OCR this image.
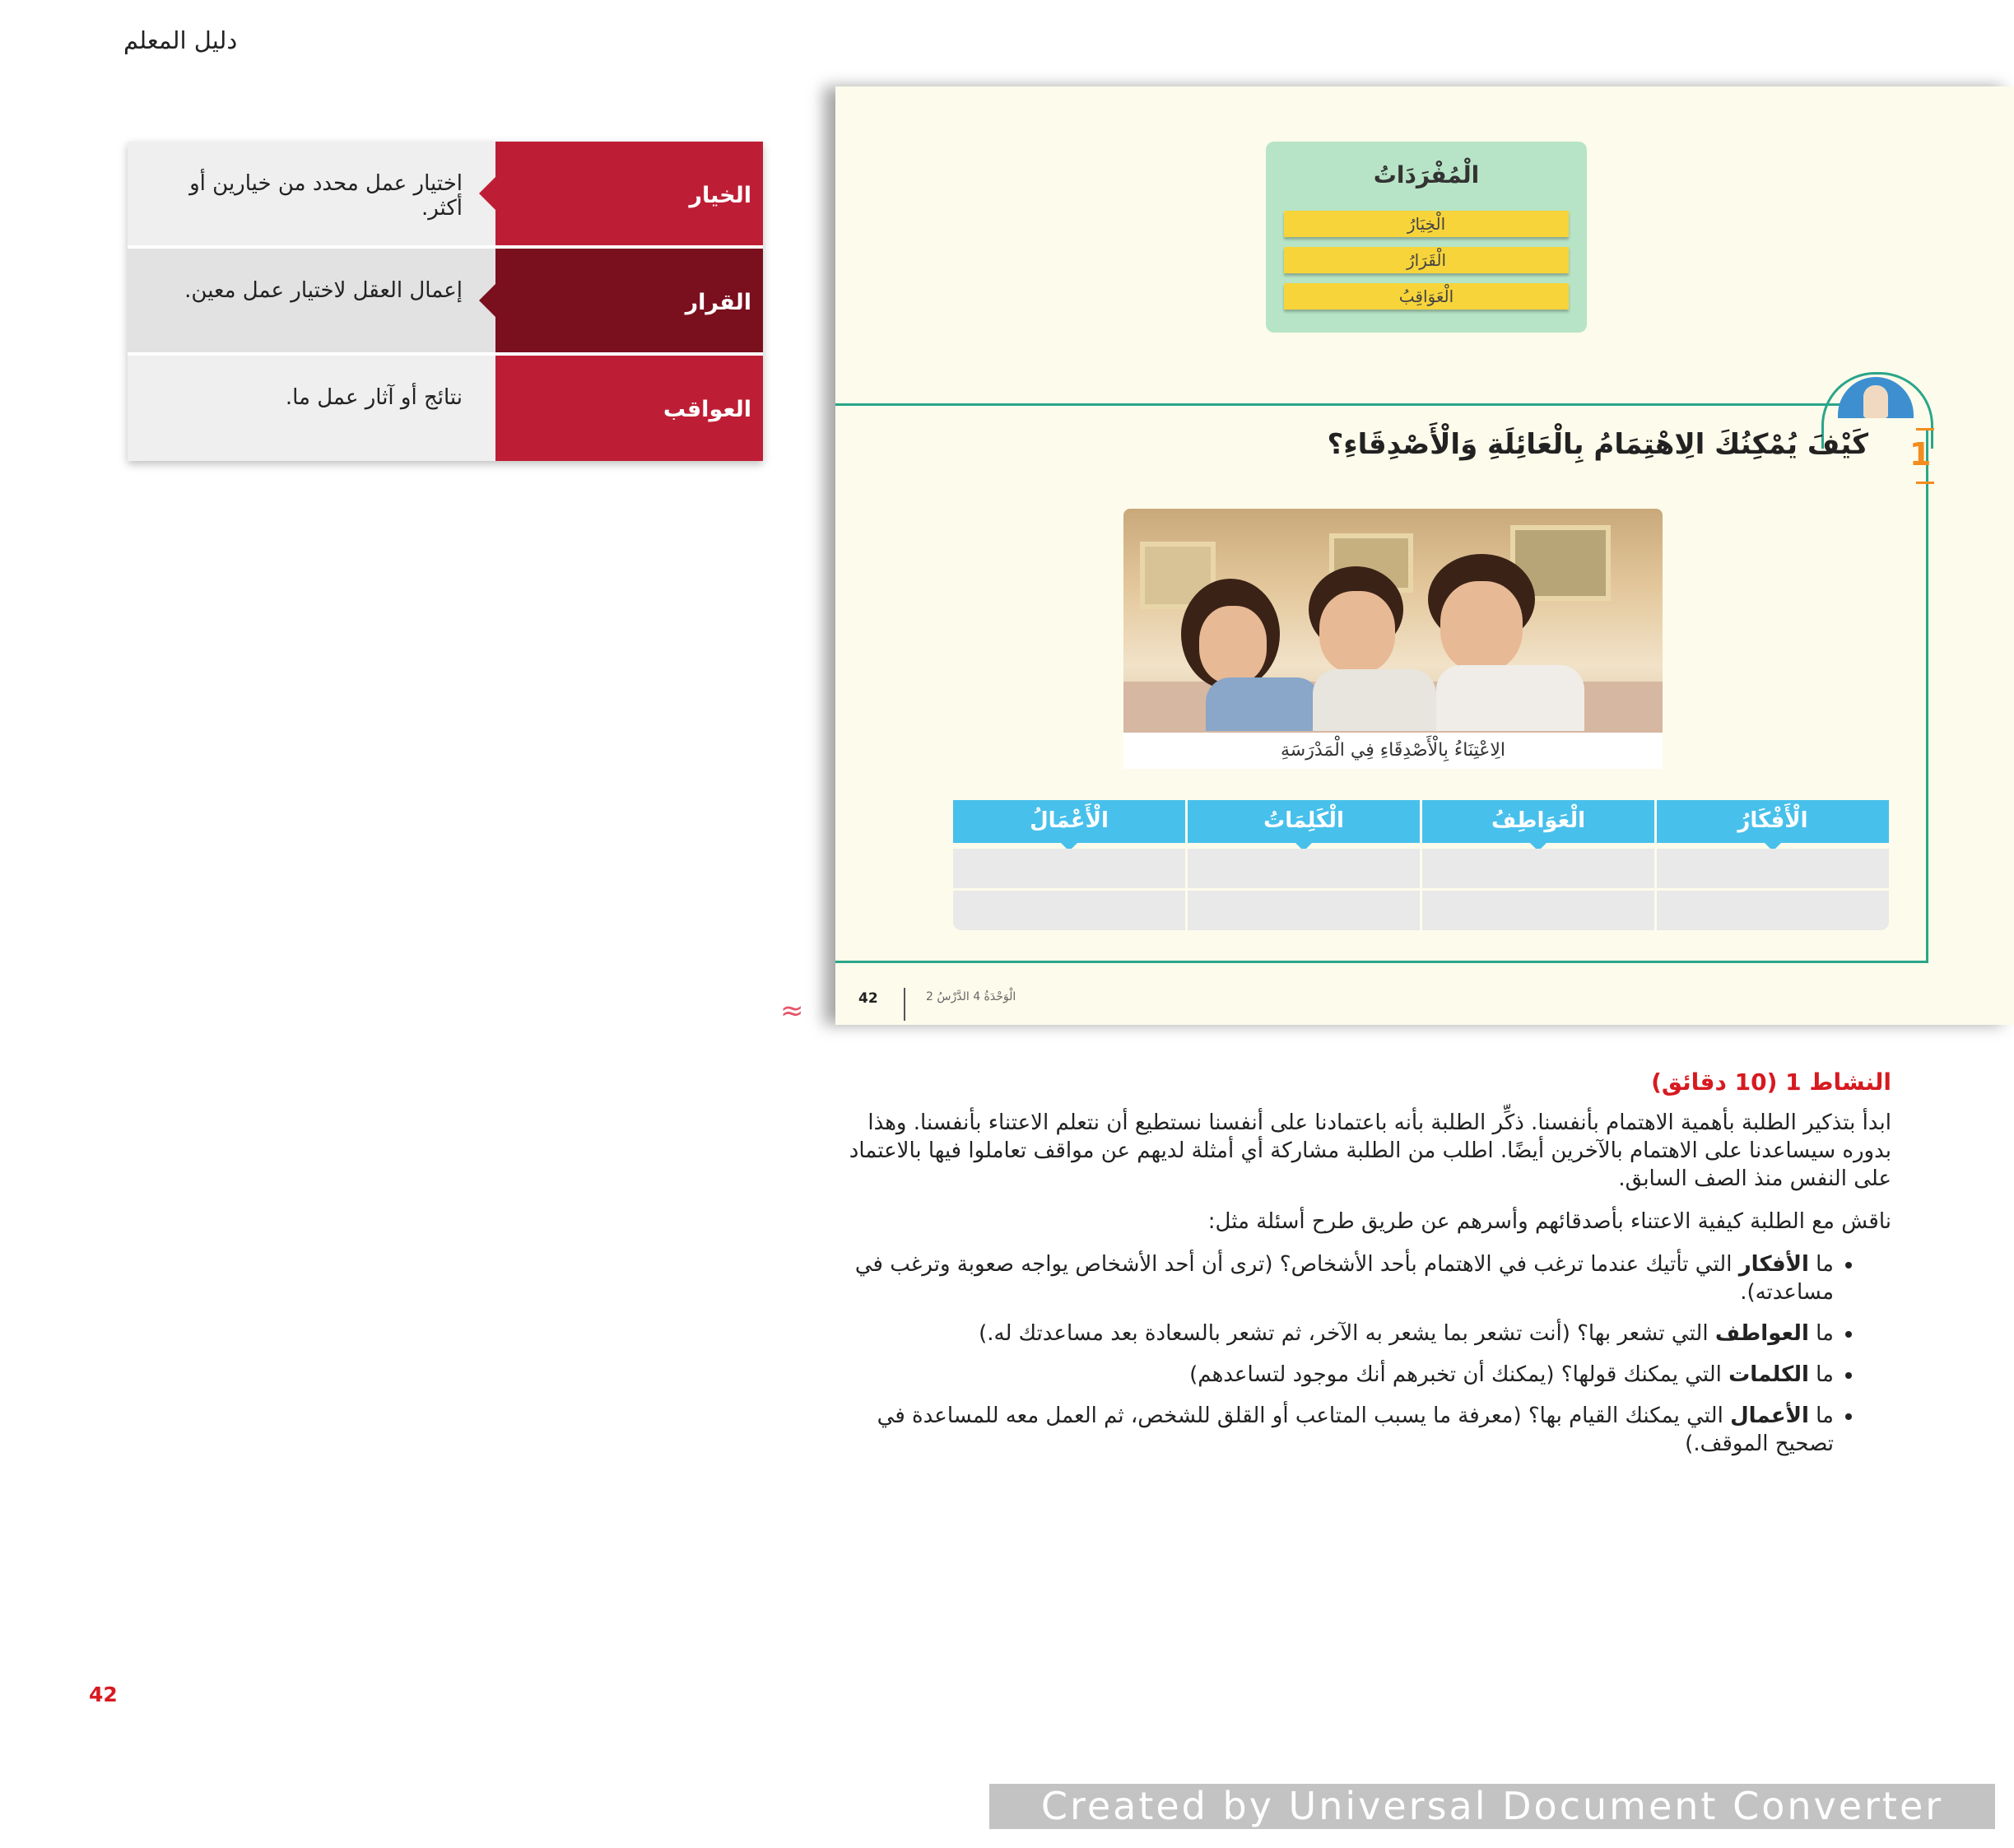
دليل المعلم
اختيار عمل محدد من خيارين أو أكثر.	الخيار
إعمال العقل لاختيار عمل معين.	القرار
نتائج أو آثار عمل ما.	العواقب
الْمُفْرَدَاتُ
الْخِيَارُ
الْقَرَارُ
الْعَوَاقِبُ
1
كَيْفَ يُمْكِنُكَ الِاهْتِمَامُ بِالْعَائِلَةِ وَالْأَصْدِقَاءِ؟
الِاعْتِنَاءُ بِالْأَصْدِقَاءِ فِي الْمَدْرَسَةِ
الْأَفْكَارُ
الْعَوَاطِفُ
الْكَلِمَاتُ
الْأَعْمَالُ
42	الْوَحْدَةُ 4 الدَّرْسُ 2
≈
النشاط 1 (10 دقائق)

ابدأ بتذكير الطلبة بأهمية الاهتمام بأنفسنا. ذكِّر الطلبة بأنه باعتمادنا على أنفسنا نستطيع أن نتعلم الاعتناء بأنفسنا. وهذا بدوره سيساعدنا على الاهتمام بالآخرين أيضًا. اطلب من الطلبة مشاركة أي أمثلة لديهم عن مواقف تعاملوا فيها بالاعتماد على النفس منذ الصف السابق.

ناقش مع الطلبة كيفية الاعتناء بأصدقائهم وأسرهم عن طريق طرح أسئلة مثل:

• ما الأفكار التي تأتيك عندما ترغب في الاهتمام بأحد الأشخاص؟ (ترى أن أحد الأشخاص يواجه صعوبة وترغب في مساعدته).
• ما العواطف التي تشعر بها؟ (أنت تشعر بما يشعر به الآخر، ثم تشعر بالسعادة بعد مساعدتك له.)
• ما الكلمات التي يمكنك قولها؟ (يمكنك أن تخبرهم أنك موجود لتساعدهم)
• ما الأعمال التي يمكنك القيام بها؟ (معرفة ما يسبب المتاعب أو القلق للشخص، ثم العمل معه للمساعدة في تصحيح الموقف.)
42
Created by Universal Document Converter
